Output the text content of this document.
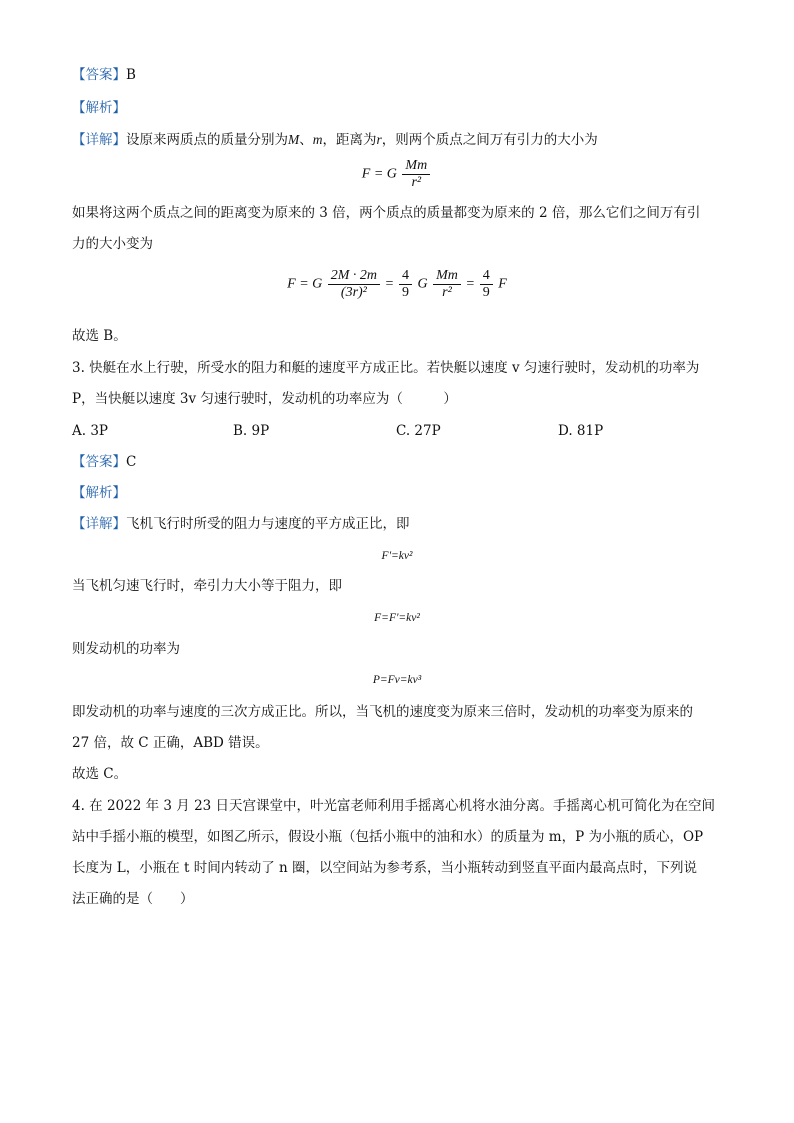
【答案】B
【解析】
【详解】设原来两质点的质量分别为M、m，距离为r，则两个质点之间万有引力的大小为
F = G $\frac{Mm}{\text{r²}}$
如果将这两个质点之间的距离变为原来的 3 倍，两个质点的质量都变为原来的 2 倍，那么它们之间万有引
力的大小变为
F = G $\frac{2M \cdot 2m}{\text{(3r)²}} = \frac{4}{9}$ G $\frac{Mm}{\text{r²}} = \frac{4}{9}$ F
故选 B。
3. 快艇在水上行驶，所受水的阻力和艇的速度平方成正比。若快艇以速度 v 匀速行驶时，发动机的功率为
P，当快艇以速度 3v 匀速行驶时，发动机的功率应为（　　　）
A. 3P	B. 9P	C. 27P	D. 81P
【答案】C
【解析】
【详解】飞机飞行时所受的阻力与速度的平方成正比，即
F'=kv²
当飞机匀速飞行时，牵引力大小等于阻力，即
F=F'=kv²
则发动机的功率为
P=Fv=kv³
即发动机的功率与速度的三次方成正比。所以，当飞机的速度变为原来三倍时，发动机的功率变为原来的
27 倍，故 C 正确，ABD 错误。
故选 C。
4. 在 2022 年 3 月 23 日天宫课堂中，叶光富老师利用手摇离心机将水油分离。手摇离心机可简化为在空间
站中手摇小瓶的模型，如图乙所示，假设小瓶（包括小瓶中的油和水）的质量为 m，P 为小瓶的质心，OP
长度为 L，小瓶在 t 时间内转动了 n 圈，以空间站为参考系，当小瓶转动到竖直平面内最高点时，下列说
法正确的是（　　）
